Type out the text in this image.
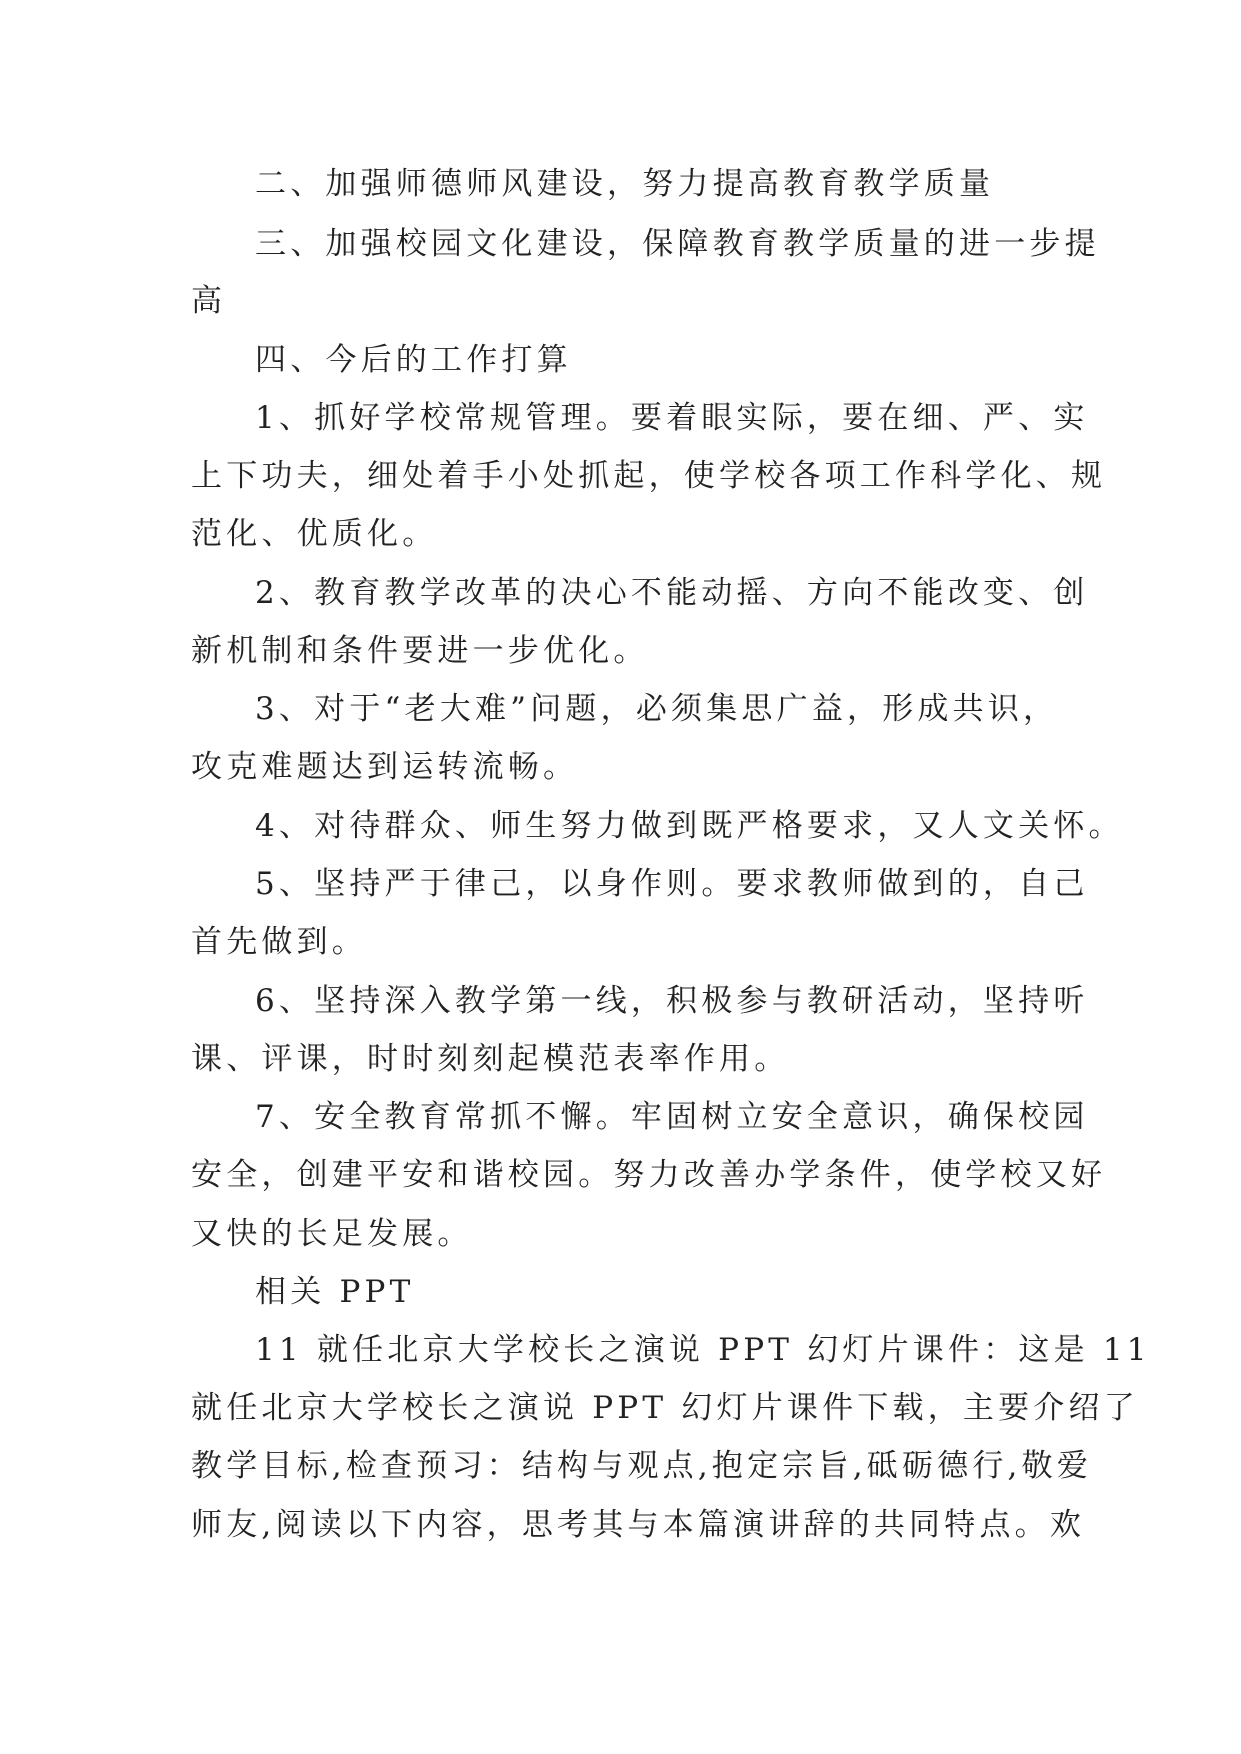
二、加强师德师风建设，努力提高教育教学质量
三、加强校园文化建设，保障教育教学质量的进一步提
高
四、今后的工作打算
1、抓好学校常规管理。要着眼实际，要在细、严、实
上下功夫，细处着手小处抓起，使学校各项工作科学化、规
范化、优质化。
2、教育教学改革的决心不能动摇、方向不能改变、创
新机制和条件要进一步优化。
3、对于“老大难”问题，必须集思广益，形成共识，
攻克难题达到运转流畅。
4、对待群众、师生努力做到既严格要求，又人文关怀。
5、坚持严于律己，以身作则。要求教师做到的，自己
首先做到。
6、坚持深入教学第一线，积极参与教研活动，坚持听
课、评课，时时刻刻起模范表率作用。
7、安全教育常抓不懈。牢固树立安全意识，确保校园
安全，创建平安和谐校园。努力改善办学条件，使学校又好
又快的长足发展。
相关 PPT
11 就任北京大学校长之演说 PPT 幻灯片课件：这是 11
就任北京大学校长之演说 PPT 幻灯片课件下载，主要介绍了
教学目标,检查预习：结构与观点,抱定宗旨,砥砺德行,敬爱
师友,阅读以下内容，思考其与本篇演讲辞的共同特点。欢
